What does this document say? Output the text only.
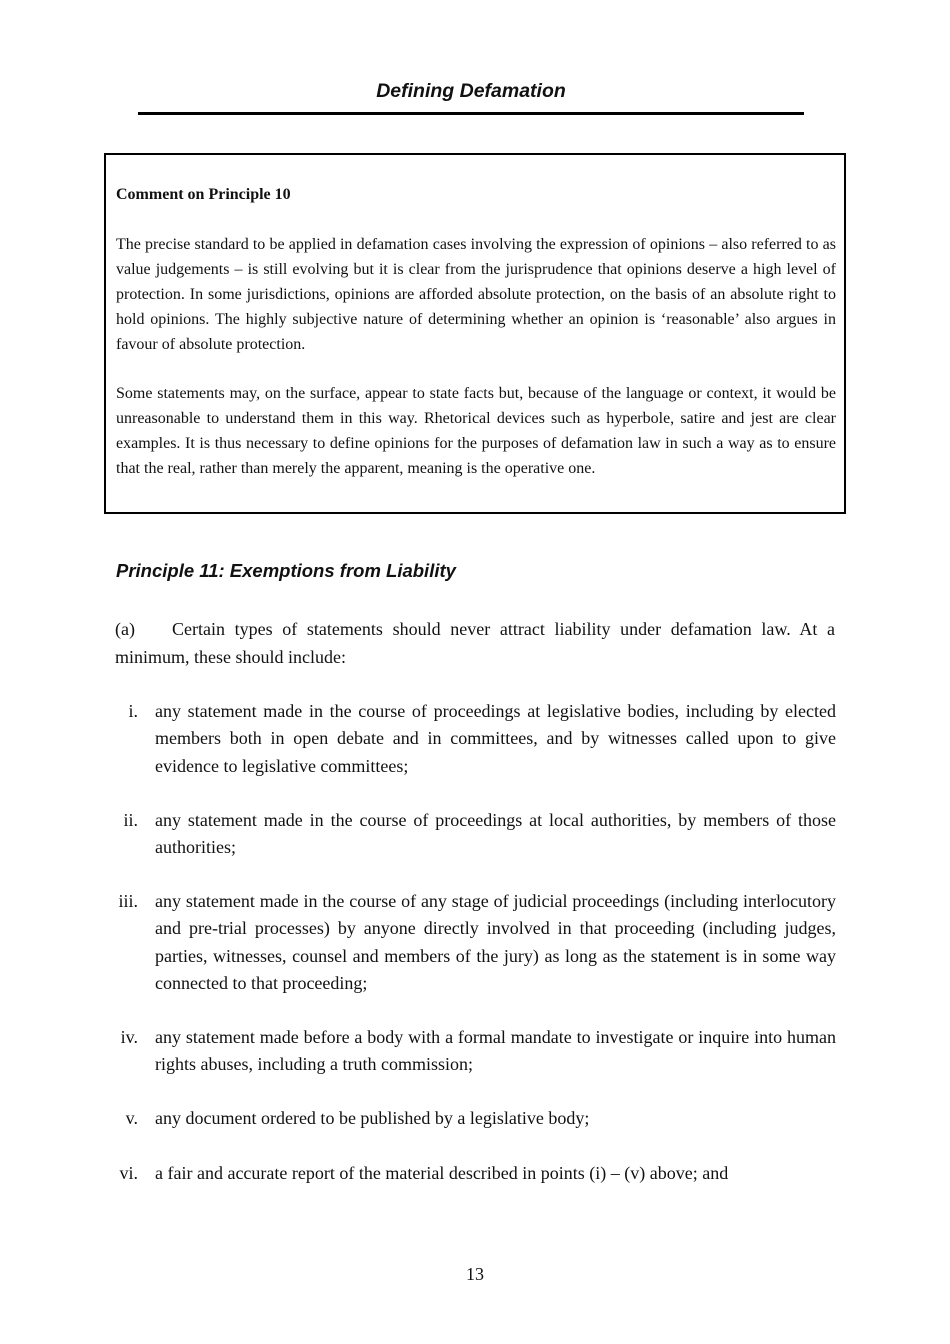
Defining Defamation
Comment on Principle 10

The precise standard to be applied in defamation cases involving the expression of opinions – also referred to as value judgements – is still evolving but it is clear from the jurisprudence that opinions deserve a high level of protection. In some jurisdictions, opinions are afforded absolute protection, on the basis of an absolute right to hold opinions. The highly subjective nature of determining whether an opinion is ‘reasonable’ also argues in favour of absolute protection.

Some statements may, on the surface, appear to state facts but, because of the language or context, it would be unreasonable to understand them in this way. Rhetorical devices such as hyperbole, satire and jest are clear examples. It is thus necessary to define opinions for the purposes of defamation law in such a way as to ensure that the real, rather than merely the apparent, meaning is the operative one.

Principle 11: Exemptions from Liability

(a) Certain types of statements should never attract liability under defamation law. At a minimum, these should include:

i. any statement made in the course of proceedings at legislative bodies, including by elected members both in open debate and in committees, and by witnesses called upon to give evidence to legislative committees;

ii. any statement made in the course of proceedings at local authorities, by members of those authorities;

iii. any statement made in the course of any stage of judicial proceedings (including interlocutory and pre-trial processes) by anyone directly involved in that proceeding (including judges, parties, witnesses, counsel and members of the jury) as long as the statement is in some way connected to that proceeding;

iv. any statement made before a body with a formal mandate to investigate or inquire into human rights abuses, including a truth commission;

v. any document ordered to be published by a legislative body;

vi. a fair and accurate report of the material described in points (i) – (v) above; and

13
